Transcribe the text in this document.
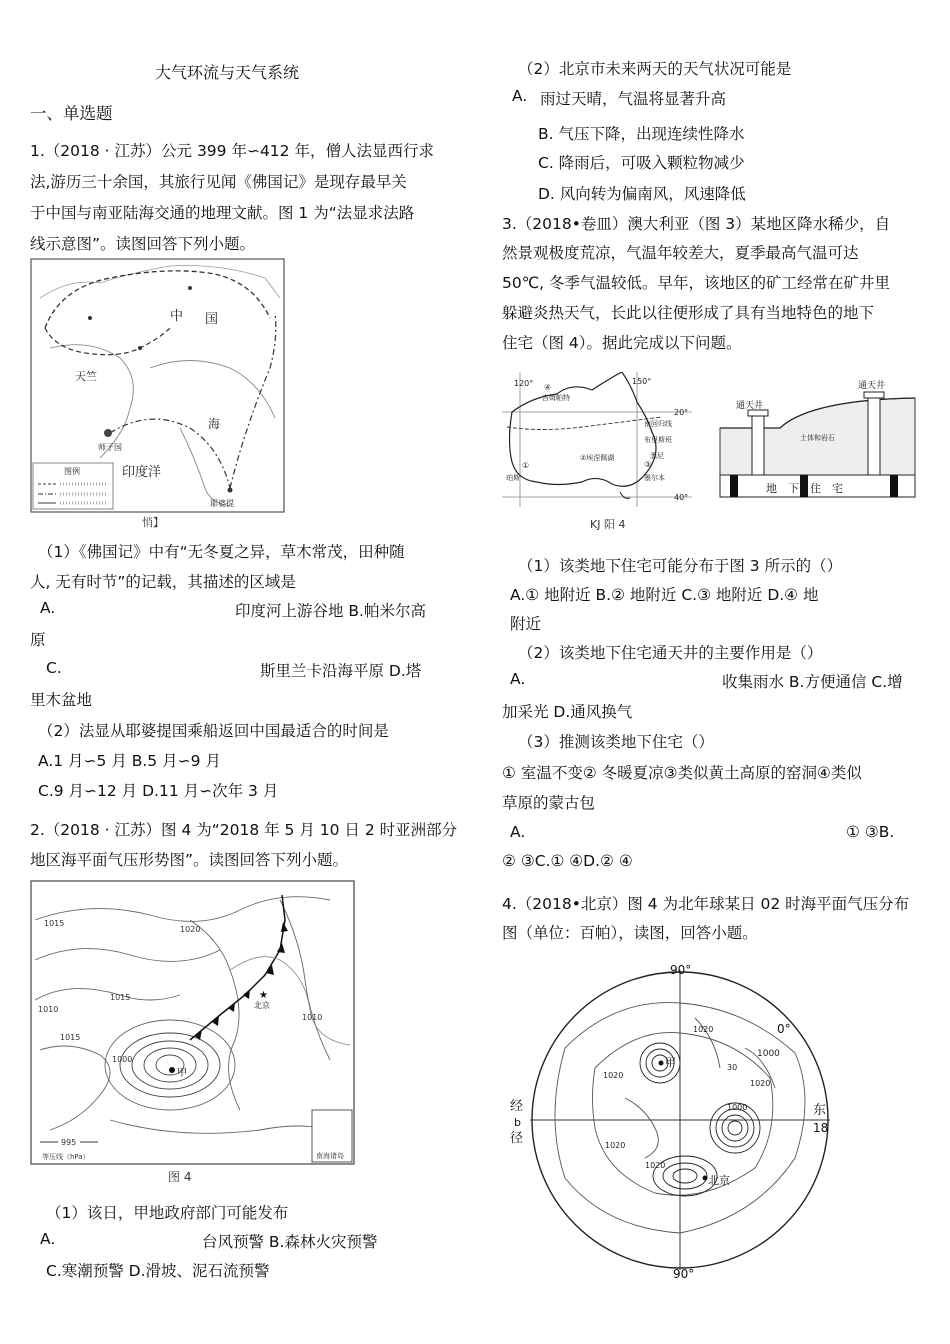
大气环流与天气系统
一、单选题
1.（2018 · 江苏）公元 399 年∽412 年，僧人法显西行求
法,游历三十余国，其旅行见闻《佛国记》是现存最早关
于中国与南亚陆海交通的地理文献。图 1 为“法显求法路
线示意图”。读图回答下列小题。
中 国
天竺
海
印度洋
师子国
耶婆提
图例
悄】
（1）《佛国记》中有“无冬夏之异，草木常茂，田种随
人, 无有时节”的记载，其描述的区域是
A.	印度河上游谷地 B.帕米尔高
原
C.	斯里兰卡沿海平原 D.塔
里木盆地
（2）法显从耶婆提国乘船返回中国最适合的时间是
A.1 月∽5 月 B.5 月∽9 月
C.9 月∽12 月 D.11 月∽次年 3 月
2.（2018 · 江苏）图 4 为“2018 年 5 月 10 日 2 时亚洲部分
地区海平面气压形势图”。读图回答下列小题。
1015
1020
1015
1010
1015
1000
1010
甲
北京
★
南海诸岛
995
等压线（hPa）
图 4
（1）该日，甲地政府部门可能发布
A.	台风预警 B.森林火灾预警
C.寒潮预警 D.滑坡、泥石流预警
（2）北京市未来两天的天气状况可能是
A. 雨过天晴，气温将显著升高
B. 气压下降，出现连续性降水
C. 降雨后，可吸入颗粒物减少
D. 风向转为偏南风，风速降低
3.（2018•卷皿）澳大利亚（图 3）某地区降水稀少，自
然景观极度荒凉，气温年较差大，夏季最高气温可达
50℃, 冬季气温较低。早年，该地区的矿工经常在矿井里
躲避炎热天气，长此以往便形成了具有当地特色的地下
住宅（图 4）。据此完成以下问题。
120°	150°
20°
40°
吉姆帕特
南回归线
布里斯班
②埃涅佩湖
珀斯
①	③
④
墨尔本
悉尼
通天井
通天井
土体和岩石
地　下　住　宅
KJ 阳 4
（1）该类地下住宅可能分布于图 3 所示的（）
A.① 地附近 B.② 地附近 C.③ 地附近 D.④ 地
附近
（2）该类地下住宅通天井的主要作用是（）
A.	收集雨水 B.方便通信 C.增
加采光 D.通风换气
（3）推测该类地下住宅（）
① 室温不变② 冬暖夏凉③类似黄土高原的窑洞④类似
草原的蒙古包
A.	① ③B.
② ③C.① ④D.② ④
4.（2018•北京）图 4 为北年球某日 02 时海平面气压分布
图（单位：百帕），读图，回答小题。
90°
90°
0°
甲
北京
1000
1000
1020
1020
1020
1020
1020
30
经
b
径
东
18
